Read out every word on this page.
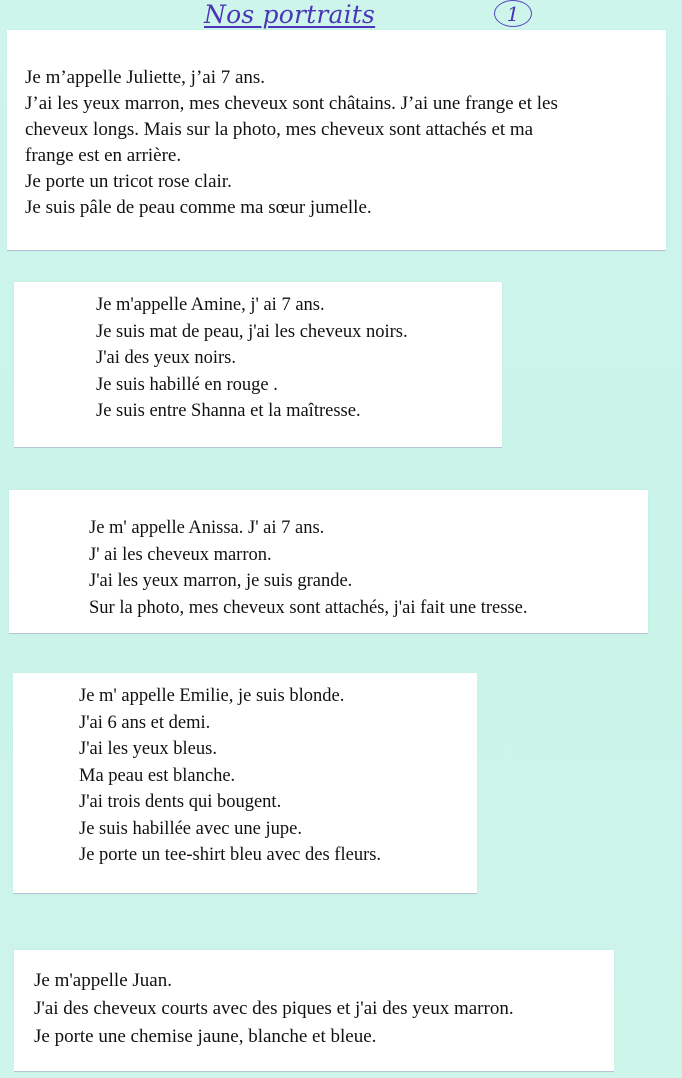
Nos portraits	1
Je m’appelle Juliette, j’ai 7 ans.
J’ai les yeux marron, mes cheveux sont châtains. J’ai une frange et les
cheveux longs. Mais sur la photo, mes cheveux sont attachés et ma
frange est en arrière.
Je porte un tricot rose clair.
Je suis pâle de peau comme ma sœur jumelle.
Je m'appelle Amine, j' ai 7 ans.
Je suis mat de peau, j'ai les cheveux noirs.
J'ai des yeux noirs.
Je suis habillé en rouge .
Je suis entre Shanna et la maîtresse.
Je m' appelle Anissa. J' ai 7 ans.
J' ai les cheveux marron.
J'ai les yeux marron, je suis grande.
Sur la photo, mes cheveux sont attachés, j'ai fait une tresse.
Je m' appelle Emilie, je suis blonde.
J'ai 6 ans et demi.
J'ai les yeux bleus.
Ma peau est blanche.
J'ai trois dents qui bougent.
Je suis habillée avec une jupe.
Je porte un tee-shirt bleu avec des fleurs.
Je m'appelle Juan.
J'ai des cheveux courts avec des piques et j'ai des yeux marron.
Je porte une chemise jaune, blanche et bleue.
